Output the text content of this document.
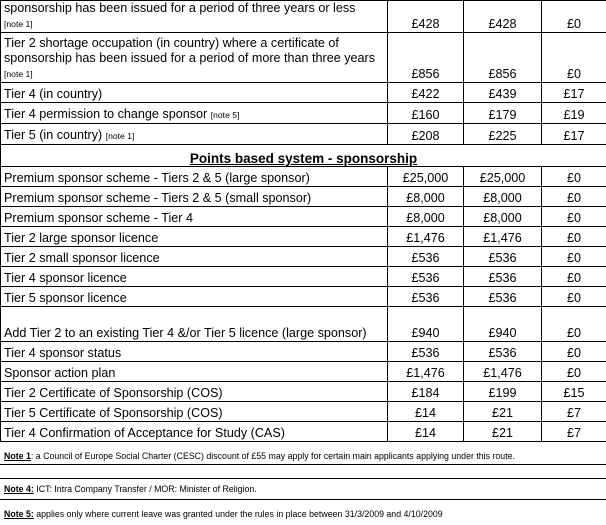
sponsorship has been issued for a period of three years or less
[note 1]	£428	£428	£0
Tier 2 shortage occupation (in country) where a certificate of sponsorship has been issued for a period of more than three years [note 1]	£856	£856	£0
Tier 4 (in country)	£422	£439	£17
Tier 4 permission to change sponsor [note 5]	£160	£179	£19
Tier 5 (in country) [note 1]	£208	£225	£17
Points based system - sponsorship			
Premium sponsor scheme - Tiers 2 & 5 (large sponsor)	£25,000	£25,000	£0
Premium sponsor scheme - Tiers 2 & 5 (small sponsor)	£8,000	£8,000	£0
Premium sponsor scheme - Tier 4	£8,000	£8,000	£0
Tier 2 large sponsor licence	£1,476	£1,476	£0
Tier 2 small sponsor licence	£536	£536	£0
Tier 4 sponsor licence	£536	£536	£0
Tier 5 sponsor licence	£536	£536	£0
Add Tier 2 to an existing Tier 4 &/or Tier 5 licence (large sponsor)	£940	£940	£0
Tier 4 sponsor status	£536	£536	£0
Sponsor action plan	£1,476	£1,476	£0
Tier 2 Certificate of Sponsorship (COS)	£184	£199	£15
Tier 5 Certificate of Sponsorship (COS)	£14	£21	£7
Tier 4 Confirmation of Acceptance for Study (CAS)	£14	£21	£7
Note 1: a Council of Europe Social Charter (CESC) discount of £55 may apply for certain main applicants applying under this route.
Note 4: ICT: Intra Company Transfer / MOR: Minister of Religion.
Note 5: applies only where current leave was granted under the rules in place between 31/3/2009 and 4/10/2009
